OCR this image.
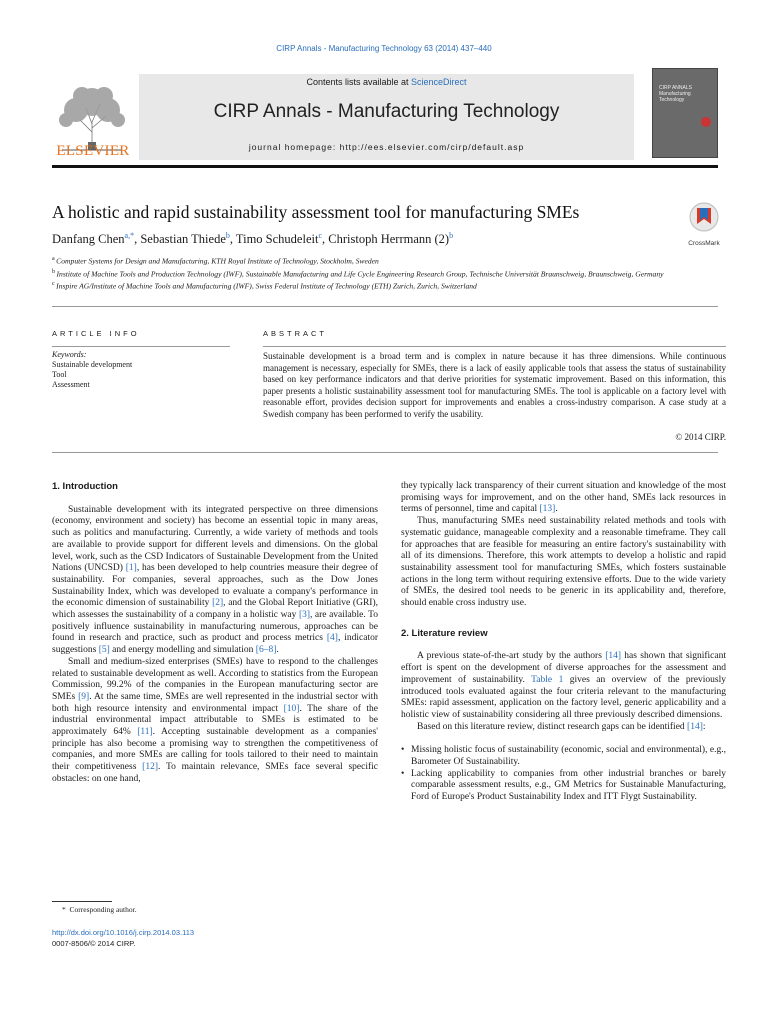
CIRP Annals - Manufacturing Technology 63 (2014) 437–440
Contents lists available at ScienceDirect
CIRP Annals - Manufacturing Technology
journal homepage: http://ees.elsevier.com/cirp/default.asp
ELSEVIER
CIRP ANNALS
Manufacturing
Technology
A holistic and rapid sustainability assessment tool for manufacturing SMEs
Danfang Chen$^{a,*}$, Sebastian Thiede$^b$, Timo Schudeleit$^c$, Christoph Herrmann $(2)^b$
CrossMark
$^a$ Computer Systems for Design and Manufacturing, KTH Royal Institute of Technology, Stockholm, Sweden
$^b$ Institute of Machine Tools and Production Technology (IWF), Sustainable Manufacturing and Life Cycle Engineering Research Group, Technische Universität Braunschweig, Braunschweig, Germany
$^c$ Inspire AG/Institute of Machine Tools and Manufacturing (IWF), Swiss Federal Institute of Technology (ETH) Zurich, Zurich, Switzerland
ARTICLE INFO	ABSTRACT
Keywords:
Sustainable development
Tool
Assessment
Sustainable development is a broad term and is complex in nature because it has three dimensions. While continuous management is necessary, especially for SMEs, there is a lack of easily applicable tools that assess the status of sustainability based on key performance indicators and that derive priorities for systematic improvement. Based on this information, this paper presents a holistic sustainability assessment tool for manufacturing SMEs. The tool is applicable on a factory level with reasonable effort, provides decision support for improvements and enables a cross-industry comparison. A case study at a Swedish company has been performed to verify the usability.
© 2014 CIRP.
1. Introduction

Sustainable development with its integrated perspective on three dimensions (economy, environment and society) has become an essential topic in many areas, such as politics and manufacturing. Currently, a wide variety of methods and tools are available to provide support for different levels and dimensions. On the global level, work, such as the CSD Indicators of Sustainable Development from the United Nations (UNCSD) [1], has been developed to help countries measure their degree of sustainability. For companies, several approaches, such as the Dow Jones Sustainability Index, which was developed to evaluate a company's performance in the economic dimension of sustainability [2], and the Global Report Initiative (GRI), which assesses the sustainability of a company in a holistic way [3], are available. To positively influence sustainability in manufacturing numerous, approaches can be found in research and practice, such as product and process metrics [4], indicator suggestions [5] and energy modelling and simulation [6–8].

Small and medium-sized enterprises (SMEs) have to respond to the challenges related to sustainable development as well. According to statistics from the European Commission, 99.2% of the companies in the European manufacturing sector are SMEs [9]. At the same time, SMEs are well represented in the industrial sector with both high resource intensity and environmental impact [10]. The share of the industrial environmental impact attributable to SMEs is estimated to be approximately 64% [11]. Accepting sustainable development as a companies' principle has also become a promising way to strengthen the competitiveness of companies, and more SMEs are calling for tools tailored to their need to maintain their competitiveness [12]. To maintain relevance, SMEs face several specific obstacles: on one hand,

they typically lack transparency of their current situation and knowledge of the most promising ways for improvement, and on the other hand, SMEs lack resources in terms of personnel, time and capital [13].

Thus, manufacturing SMEs need sustainability related methods and tools with systematic guidance, manageable complexity and a reasonable timeframe. They call for approaches that are feasible for measuring an entire factory's sustainability with all of its dimensions. Therefore, this work attempts to develop a holistic and rapid sustainability assessment tool for manufacturing SMEs, which fosters sustainable actions in the long term without requiring extensive efforts. Due to the wide variety of SMEs, the desired tool needs to be generic in its applicability and, therefore, should enable cross industry use.

2. Literature review

A previous state-of-the-art study by the authors [14] has shown that significant effort is spent on the development of diverse approaches for the assessment and improvement of sustainability. Table 1 gives an overview of the previously introduced tools evaluated against the four criteria relevant to the manufacturing SMEs: rapid assessment, application on the factory level, generic applicability and a holistic view of sustainability considering all three previously described dimensions.

Based on this literature review, distinct research gaps can be identified [14]:

• Missing holistic focus of sustainability (economic, social and environmental), e.g., Barometer Of Sustainability.
• Lacking applicability to companies from other industrial branches or barely comparable assessment results, e.g., GM Metrics for Sustainable Manufacturing, Ford of Europe's Product Sustainability Index and ITT Flygt Sustainability.
* Corresponding author.
http://dx.doi.org/10.1016/j.cirp.2014.03.113
0007-8506/© 2014 CIRP.
